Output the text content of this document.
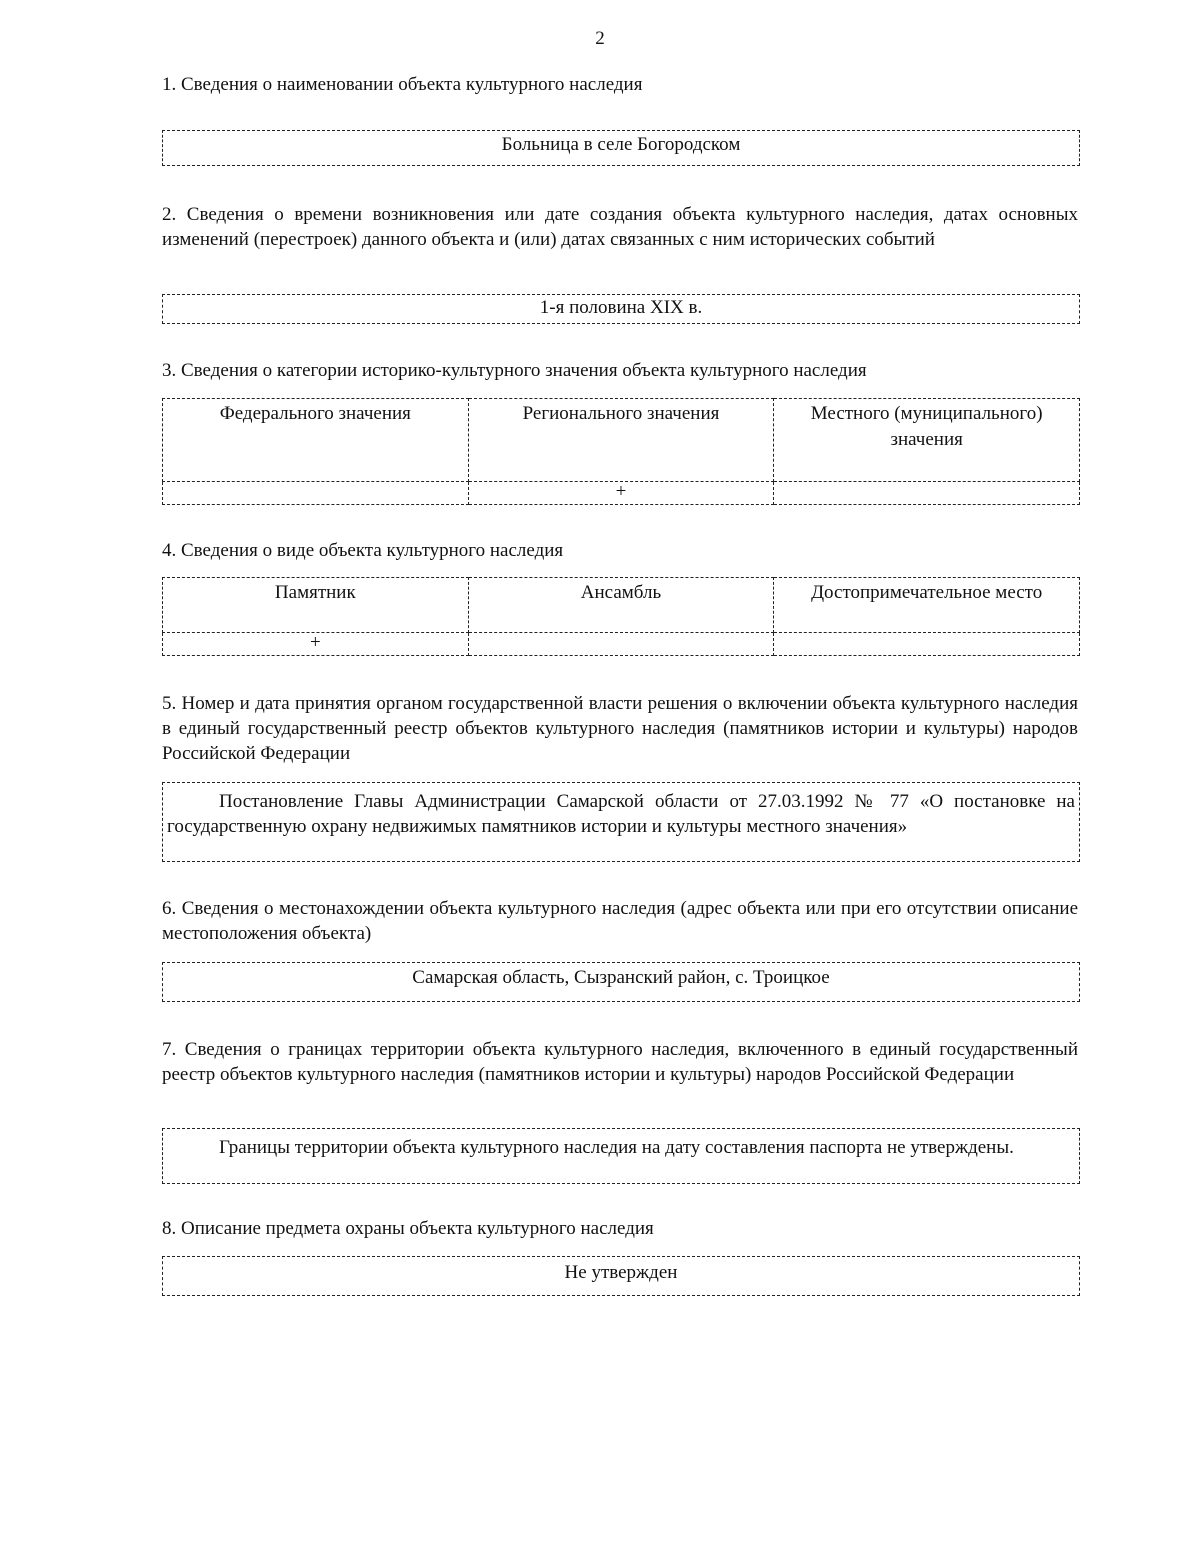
2
1. Сведения о наименовании объекта культурного наследия
Больница в селе Богородском
2. Сведения о времени возникновения или дате создания объекта культурного наследия, датах основных изменений (перестроек) данного объекта и (или) датах связанных с ним исторических событий
1-я половина XIX в.
3. Сведения о категории историко-культурного значения объекта культурного наследия
Федерального значения	Регионального значения	Местного (муниципального) значения
	+	
4. Сведения о виде объекта культурного наследия
Памятник	Ансамбль	Достопримечательное место
+		
5. Номер и дата принятия органом государственной власти решения о включении объекта культурного наследия в единый государственный реестр объектов культурного наследия (памятников истории и культуры) народов Российской Федерации
Постановление Главы Администрации Самарской области от 27.03.1992 № 77 «О постановке на государственную охрану недвижимых памятников истории и культуры местного значения»
6. Сведения о местонахождении объекта культурного наследия (адрес объекта или при его отсутствии описание местоположения объекта)
Самарская область, Сызранский район, с. Троицкое
7. Сведения о границах территории объекта культурного наследия, включенного в единый государственный реестр объектов культурного наследия (памятников истории и культуры) народов Российской Федерации
Границы территории объекта культурного наследия на дату составления паспорта не утверждены.
8. Описание предмета охраны объекта культурного наследия
Не утвержден
